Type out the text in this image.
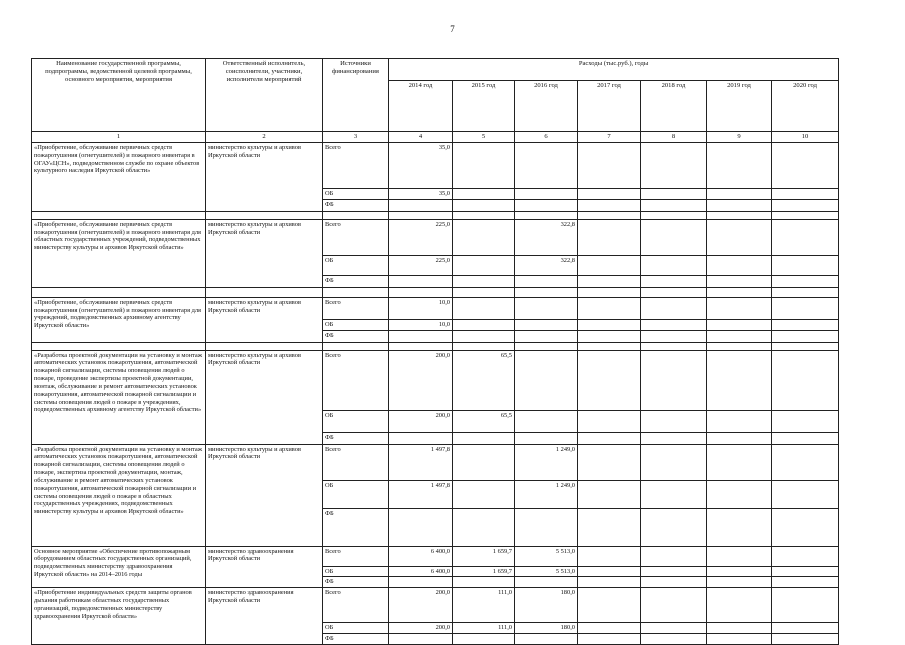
7
Наименование государственной программы, подпрограммы, ведомственной целевой программы, основного мероприятия, мероприятия	Ответственный исполнитель, соисполнители, участники, исполнители мероприятий	Источники финансирования	Расходы (тыс.руб.), годы						
			2014 год	2015 год	2016 год	2017 год	2018 год	2019 год	2020 год
1	2	3	4	5	6	7	8	9	10
«Приобретение, обслуживание первичных средств пожаротушения (огнетушителей) и пожарного инвентаря в ОГАУ«ЦСН», подведомственном службе по охране объектов культурного наследия Иркутской области»	министерство культуры и архивов Иркутской области	Всего	35,0						
		ОБ	35,0						
		ФБ							

«Приобретение, обслуживание первичных средств пожаротушения (огнетушителей) и пожарного инвентаря для областных государственных учреждений, подведомственных министерству культуры и архивов Иркутской области»	министерство культуры и архивов Иркутской области	Всего	225,0		322,8				
		ОБ	225,0		322,8				
		ФБ							

«Приобретение, обслуживание первичных средств пожаротушения (огнетушителей) и пожарного инвентаря для учреждений, подведомственных архивному агентству Иркутской области»	министерство культуры и архивов Иркутской области	Всего	10,0						
		ОБ	10,0						
		ФБ							

«Разработка проектной документации на установку и монтаж автоматических установок пожаротушения, автоматической пожарной сигнализации, системы оповещения людей о пожаре, проведение экспертизы проектной документации, монтаж, обслуживание и ремонт автоматических установок пожаротушения, автоматической пожарной сигнализации и системы оповещения людей о пожаре в учреждениях, подведомственных архивному агентству Иркутской области»	министерство культуры и архивов Иркутской области	Всего	200,0	65,5					
		ОБ	200,0	65,5					
		ФБ							
«Разработка проектной документации на установку и монтаж автоматических установок пожаротушения, автоматической пожарной сигнализации, системы оповещения людей о пожаре, экспертиза проектной документации, монтаж, обслуживание и ремонт автоматических установок пожаротушения, автоматической пожарной сигнализации и системы оповещения людей о пожаре в областных государственных учреждениях, подведомственных министерству культуры и архивов Иркутской области»	министерство культуры и архивов Иркутской области	Всего	1 497,8		1 249,0				
		ОБ	1 497,8		1 249,0				
		ФБ							
Основное мероприятие «Обеспечение противопожарным оборудованием областных государственных организаций, подведомственных министерству здравоохранения Иркутской области» на 2014–2016 годы	министерство здравоохранения Иркутской области	Всего	6 400,0	1 659,7	5 513,0				
		ОБ	6 400,0	1 659,7	5 513,0				
		ФБ							
«Приобретение индивидуальных средств защиты органов дыхания работникам областных государственных организаций, подведомственных министерству здравоохранения Иркутской области»	министерство здравоохранения Иркутской области	Всего	200,0	111,0	180,0				
		ОБ	200,0	111,0	180,0				
		ФБ							
